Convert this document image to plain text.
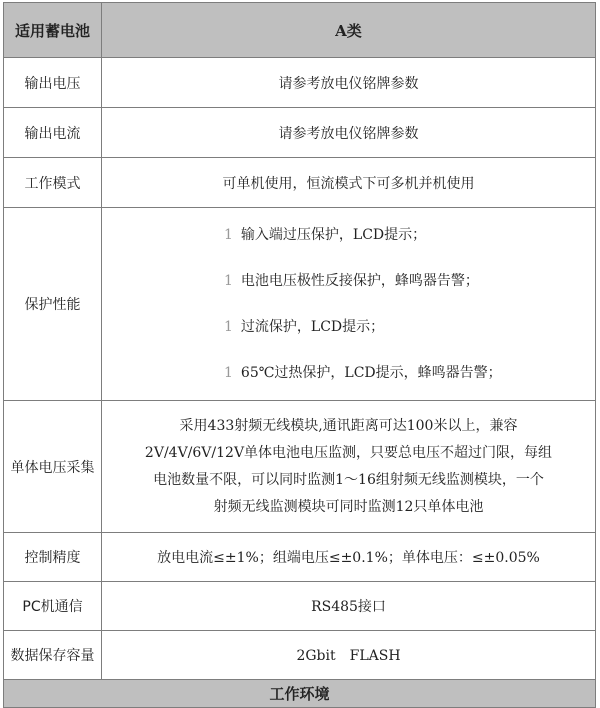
适用蓄电池	A类
输出电压	请参考放电仪铭牌参数
输出电流	请参考放电仪铭牌参数
工作模式	可单机使用，恒流模式下可多机并机使用
保护性能	1 输入端过压保护，LCD提示；
1 电池电压极性反接保护，蜂鸣器告警；
1 过流保护，LCD提示；
1 65℃过热保护，LCD提示，蜂鸣器告警；

单体电压采集	采用433射频无线模块,通讯距离可达100米以上，兼容
2V/4V/6V/12V单体电池电压监测，只要总电压不超过门限，每组
电池数量不限，可以同时监测1～16组射频无线监测模块，一个
射频无线监测模块可同时监测12只单体电池

控制精度	放电电流≤±1%；组端电压≤±0.1%；单体电压：≤±0.05%
PC机通信	RS485接口
数据保存容量	2Gbit　FLASH
工作环境	
